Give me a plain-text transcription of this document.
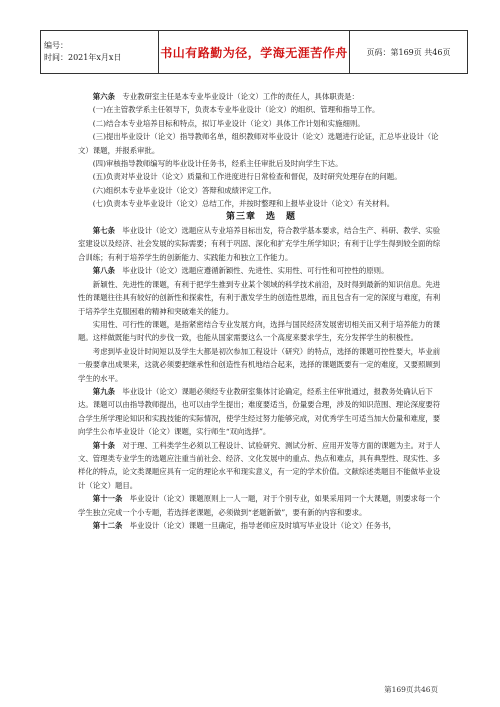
编号：
时间：2021年x月x日	书山有路勤为径，学海无涯苦作舟	页码：第169页 共46页

第六条　 专业教研室主任是本专业毕业设计（论文）工作的责任人，具体职责是：

(一)在主管教学系主任领导下，负责本专业毕业设计（论文）的组织、管理和指导工作。

(二)结合本专业培养目标和特点，拟订毕业设计（论文）具体工作计划和实施细则。

(三)提出毕业设计（论文）指导教师名单，组织教师对毕业设计（论文）选题进行论证，汇总毕业设计（论文）课题，并报系审批。

(四)审核指导教师编写的毕业设计任务书，经系主任审批后及时向学生下达。

(五)负责对毕业设计（论文）质量和工作进度进行日常检查和督促，及时研究处理存在的问题。

(六)组织本专业毕业设计（论文）答辩和成绩评定工作。

(七)负责本专业毕业设计（论文）总结工作，并按时整理和上报毕业设计（论文）有关材料。

第三章　选　题

第七条　 毕业设计（论文）选题应从专业培养目标出发，符合教学基本要求，结合生产、科研、教学、实验室建设以及经济、社会发展的实际需要；有利于巩固、深化和扩充学生所学知识；有利于让学生得到较全面的综合训练；有利于培养学生的创新能力、实践能力和独立工作能力。

第八条　 毕业设计（论文）选题应遵循新颖性、先进性、实用性、可行性和可控性的原则。

新颖性、先进性的课题，有利于把学生推到专业某个领域的科学技术前沿，及时得到最新的知识信息。先进性的课题往往具有较好的创新性和探索性，有利于激发学生的创造性思维，而且包含有一定的深度与难度，有利于培养学生克服困难的精神和突破难关的能力。

实用性、可行性的课题，是指紧密结合专业发展方向，选择与国民经济发展密切相关而又利于培养能力的课题。这样做既能与时代的步伐一致，也能从国家需要这么一个高度来要求学生，充分发挥学生的积极性。

考虑到毕业设计时间短以及学生大都是初次参加工程设计（研究）的特点，选择的课题可控性要大，毕业前一般要拿出成果来，这就必须要把继承性和创造性有机地结合起来，选择的课题既要有一定的难度，又要照顾到学生的水平。

第九条　 毕业设计（论文）课题必须经专业教研室集体讨论确定，经系主任审批通过，报教务处确认后下达。课题可以由指导教师提出，也可以由学生提出；难度要适当，份量要合理，涉及的知识范围、理论深度要符合学生所学理论知识和实践技能的实际情况，使学生经过努力能够完成，对优秀学生可适当加大份量和难度，要向学生公布毕业设计（论文）课题，实行师生“双向选择”。

第十条　 对于理、工科类学生必须以工程设计、试验研究、测试分析、应用开发等方面的课题为主。对于人文、管理类专业学生的选题应注重当前社会、经济、文化发展中的重点、热点和难点，具有典型性、现实性、多样化的特点，论文类课题应具有一定的理论水平和现实意义，有一定的学术价值。文献综述类题目不能做毕业设计（论文）题目。

第十一条　 毕业设计（论文）课题原则上一人一题，对于个别专业，如果采用同一个大课题，则要求每一个学生独立完成一个小专题，若选择老课题，必须做到“老题新做”，要有新的内容和要求。

第十二条　 毕业设计（论文）课题一旦确定，指导老师应及时填写毕业设计（论文）任务书，

第169页共46页
